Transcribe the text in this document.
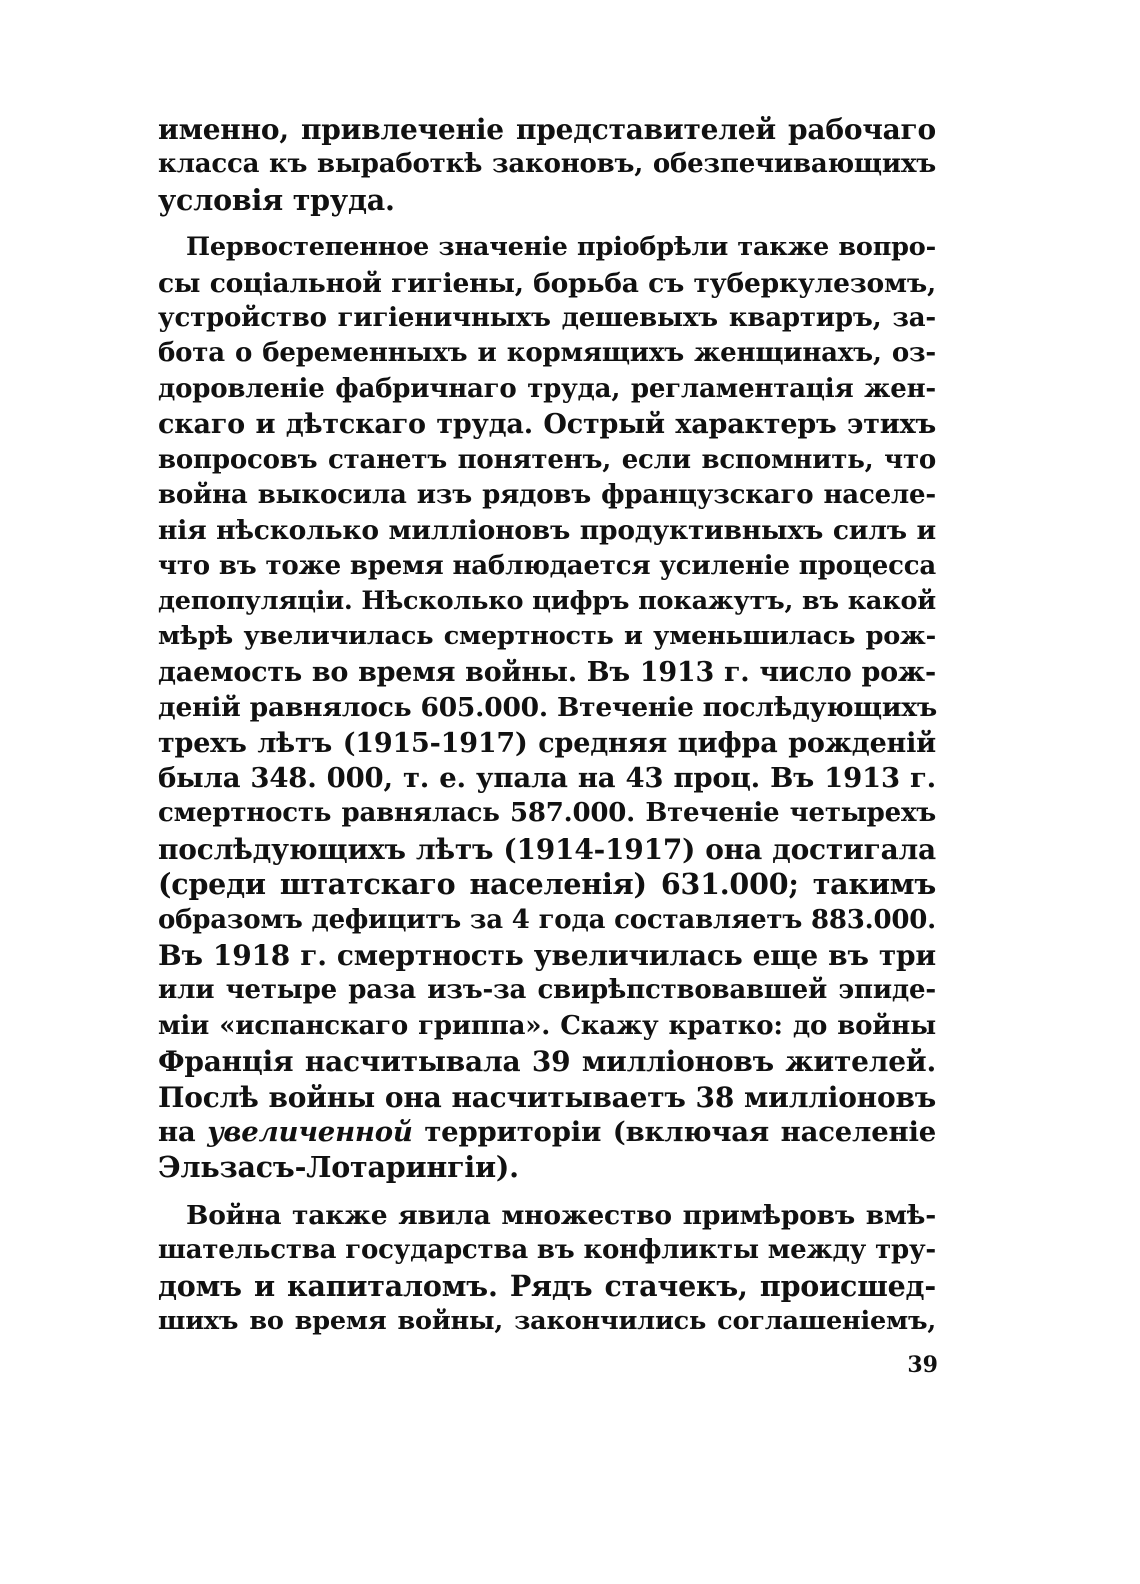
именно, привлеченіе представителей рабочаго
класса къ выработкѣ законовъ, обезпечивающихъ
условія труда.
Первостепенное значеніе пріобрѣли также вопро-
сы соціальной гигіены, борьба съ туберкулезомъ,
устройство гигіеничныхъ дешевыхъ квартиръ, за-
бота о беременныхъ и кормящихъ женщинахъ, оз-
доровленіе фабричнаго труда, регламентація жен-
скаго и дѣтскаго труда. Острый характеръ этихъ
вопросовъ станетъ понятенъ, если вспомнить, что
война выкосила изъ рядовъ французскаго населе-
нія нѣсколько милліоновъ продуктивныхъ силъ и
что въ тоже время наблюдается усиленіе процесса
депопуляціи. Нѣсколько цифръ покажутъ, въ какой
мѣрѣ увеличилась смертность и уменьшилась рож-
даемость во время войны. Въ 1913 г. число рож-
деній равнялось 605.000. Втеченіе послѣдующихъ
трехъ лѣтъ (1915-1917) средняя цифра рожденій
была 348. 000, т. е. упала на 43 проц. Въ 1913 г.
смертность равнялась 587.000. Втеченіе четырехъ
послѣдующихъ лѣтъ (1914-1917) она достигала
(среди штатскаго населенія) 631.000; такимъ
образомъ дефицитъ за 4 года составляетъ 883.000.
Въ 1918 г. смертность увеличилась еще въ три
или четыре раза изъ-за свирѣпствовавшей эпиде-
міи «испанскаго гриппа». Скажу кратко: до войны
Франція насчитывала 39 милліоновъ жителей.
Послѣ войны она насчитываетъ 38 милліоновъ
на увеличенной территоріи (включая населеніе
Эльзасъ-Лотарингіи).
Война также явила множество примѣровъ вмѣ-
шательства государства въ конфликты между тру-
домъ и капиталомъ. Рядъ стачекъ, происшед-
шихъ во время войны, закончились соглашеніемъ,
39
